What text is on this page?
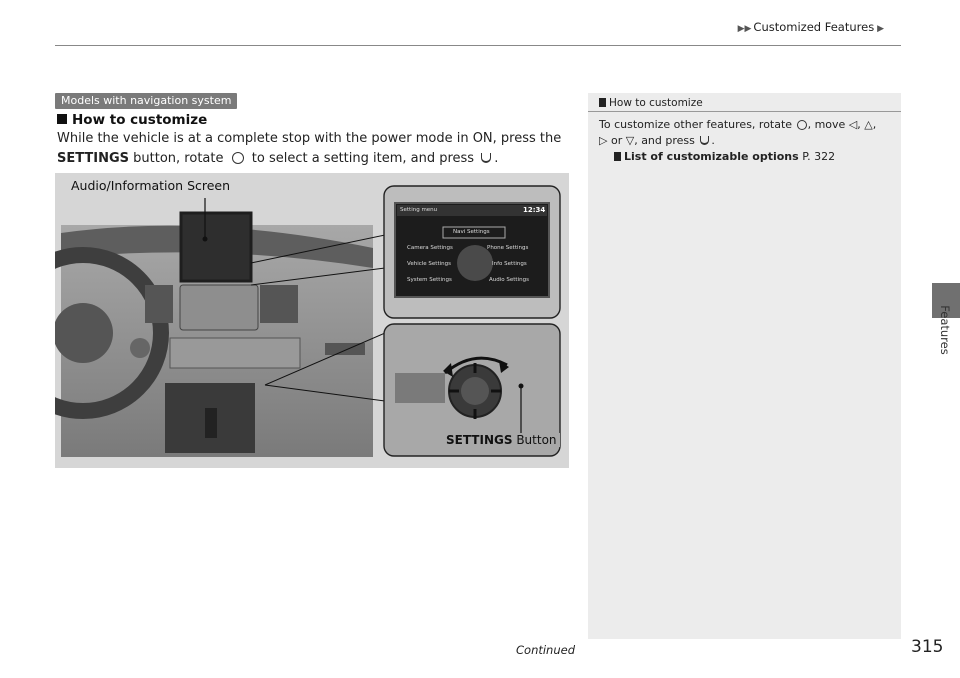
▶▶ Customized Features ▶
Features
Models with navigation system
How to customize
While the vehicle is at a complete stop with the power mode in ON, press the
SETTINGS button, rotate  to select a setting item, and press .
Setting menu	12:34
Navi Settings
Camera Settings	Phone Settings
Vehicle Settings	Info Settings
System Settings	Audio Settings
SETTINGS Button
Audio/Information Screen
How to customize
To customize other features, rotate , move ◁, △,
▷ or ▽, and press .
List of customizable options P. 322
Continued	315
